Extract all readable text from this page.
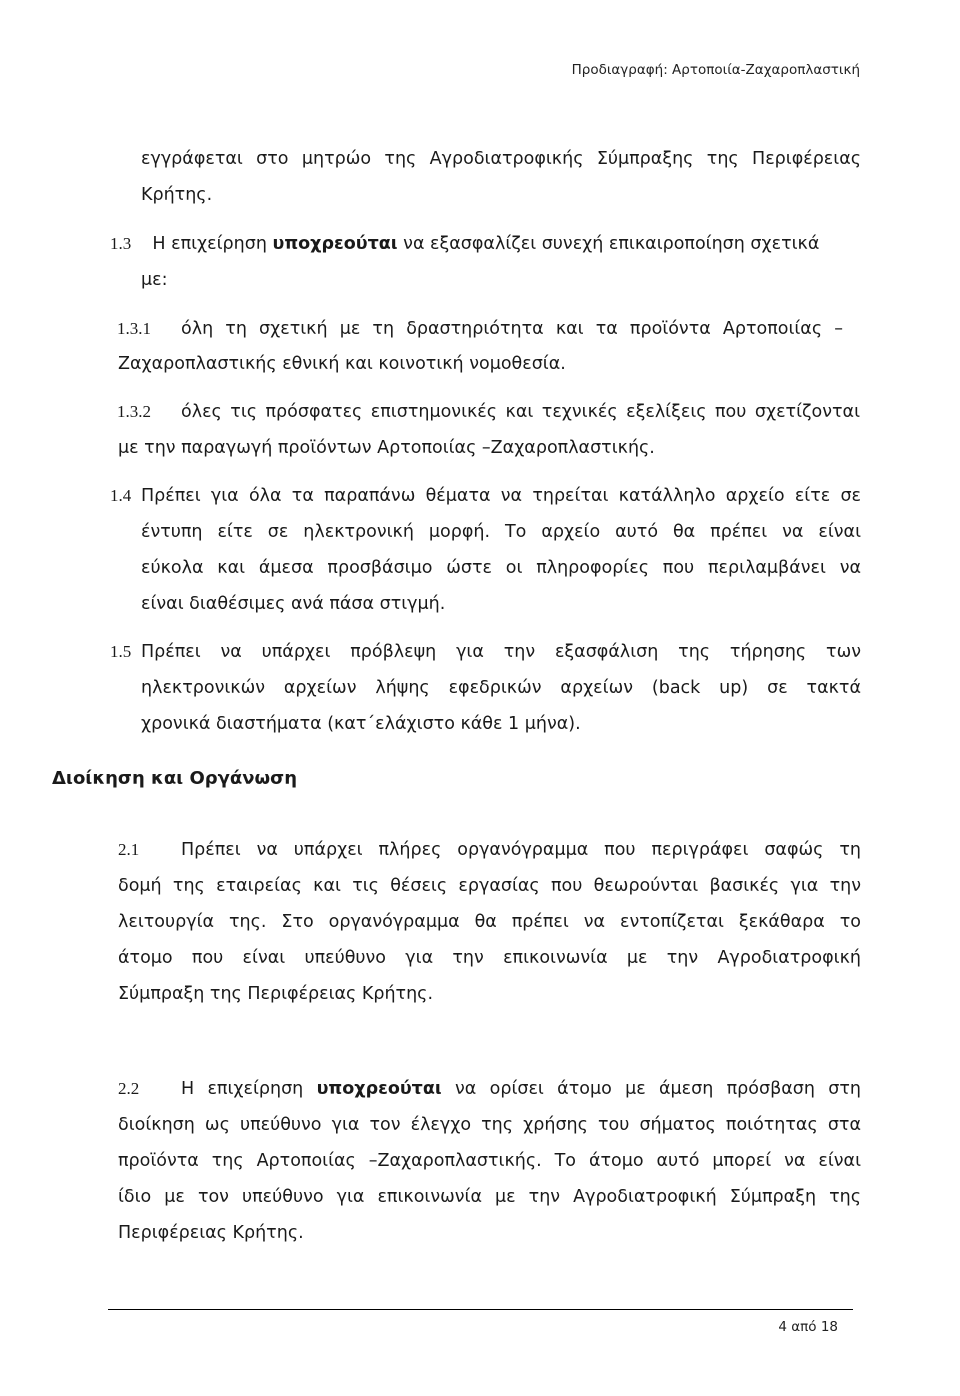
Προδιαγραφή: Αρτοποιία-Ζαχαροπλαστική
εγγράφεται στο μητρώο της Αγροδιατροφικής Σύμπραξης της Περιφέρειας
Κρήτης.
1.3 Η επιχείρηση υποχρεούται να εξασφαλίζει συνεχή επικαιροποίηση σχετικά
με:
1.3.1 όλη τη σχετική με τη δραστηριότητα και τα προϊόντα Αρτοποιίας –
Ζαχαροπλαστικής εθνική και κοινοτική νομοθεσία.
1.3.2 όλες τις πρόσφατες επιστημονικές και τεχνικές εξελίξεις που σχετίζονται
με την παραγωγή προϊόντων Αρτοποιίας –Ζαχαροπλαστικής.
1.4 Πρέπει για όλα τα παραπάνω θέματα να τηρείται κατάλληλο αρχείο είτε σε
έντυπη είτε σε ηλεκτρονική μορφή. Το αρχείο αυτό θα πρέπει να είναι
εύκολα και άμεσα προσβάσιμο ώστε οι πληροφορίες που περιλαμβάνει να
είναι διαθέσιμες ανά πάσα στιγμή.
1.5 Πρέπει να υπάρχει πρόβλεψη για την εξασφάλιση της τήρησης των
ηλεκτρονικών αρχείων λήψης εφεδρικών αρχείων (back up) σε τακτά
χρονικά διαστήματα (κατ΄ελάχιστο κάθε 1 μήνα).
Διοίκηση και Οργάνωση
2.1 Πρέπει να υπάρχει πλήρες οργανόγραμμα που περιγράφει σαφώς τη
δομή της εταιρείας και τις θέσεις εργασίας που θεωρούνται βασικές για την
λειτουργία της. Στο οργανόγραμμα θα πρέπει να εντοπίζεται ξεκάθαρα το
άτομο που είναι υπεύθυνο για την επικοινωνία με την Αγροδιατροφική
Σύμπραξη της Περιφέρειας Κρήτης.
2.2 Η επιχείρηση υποχρεούται να ορίσει άτομο με άμεση πρόσβαση στη
διοίκηση ως υπεύθυνο για τον έλεγχο της χρήσης του σήματος ποιότητας στα
προϊόντα της Αρτοποιίας –Ζαχαροπλαστικής. Το άτομο αυτό μπορεί να είναι
ίδιο με τον υπεύθυνο για επικοινωνία με την Αγροδιατροφική Σύμπραξη της
Περιφέρειας Κρήτης.
4 από 18
